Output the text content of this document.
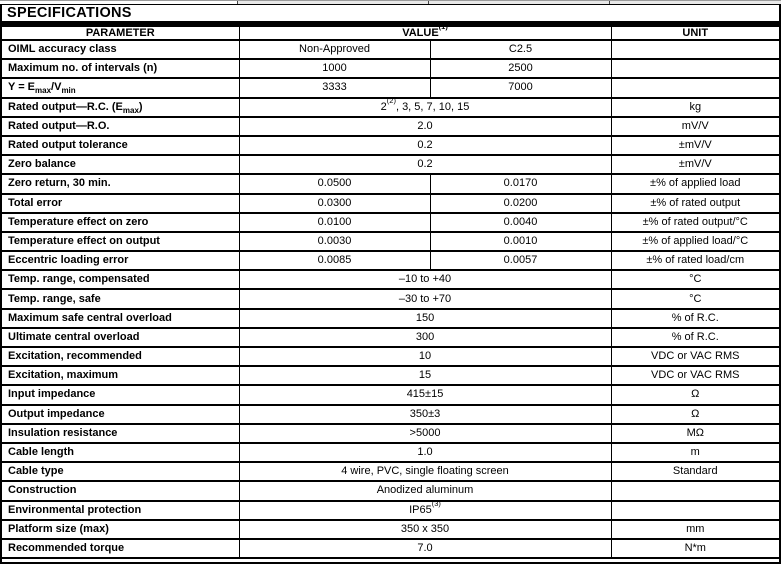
SPECIFICATIONS
PARAMETER	VALUE$^{(1)}$		UNIT
OIML accuracy class	Non-Approved	C2.5	
Maximum no. of intervals (n)	1000	2500	
$Y = E_{max}/V_{min}$	3333	7000	
Rated output—R.C. $(E_{max})$	2$^{(2)}$, 3, 5, 7, 10, 15		kg
Rated output—R.O.	2.0		mV/V
Rated output tolerance	0.2		±mV/V
Zero balance	0.2		±mV/V
Zero return, 30 min.	0.0500	0.0170	±% of applied load
Total error	0.0300	0.0200	±% of rated output
Temperature effect on zero	0.0100	0.0040	±% of rated output/°C
Temperature effect on output	0.0030	0.0010	±% of applied load/°C
Eccentric loading error	0.0085	0.0057	±% of rated load/cm
Temp. range, compensated	–10 to +40		°C
Temp. range, safe	–30 to +70		°C
Maximum safe central overload	150		% of R.C.
Ultimate central overload	300		% of R.C.
Excitation, recommended	10		VDC or VAC RMS
Excitation, maximum	15		VDC or VAC RMS
Input impedance	415±15		Ω
Output impedance	350±3		Ω
Insulation resistance	>5000		MΩ
Cable length	1.0		m
Cable type	4 wire, PVC, single floating screen		Standard
Construction	Anodized aluminum		
Environmental protection	IP65$^{(3)}$	
Platform size (max)	350 x 350		mm
Recommended torque	7.0		N*m
